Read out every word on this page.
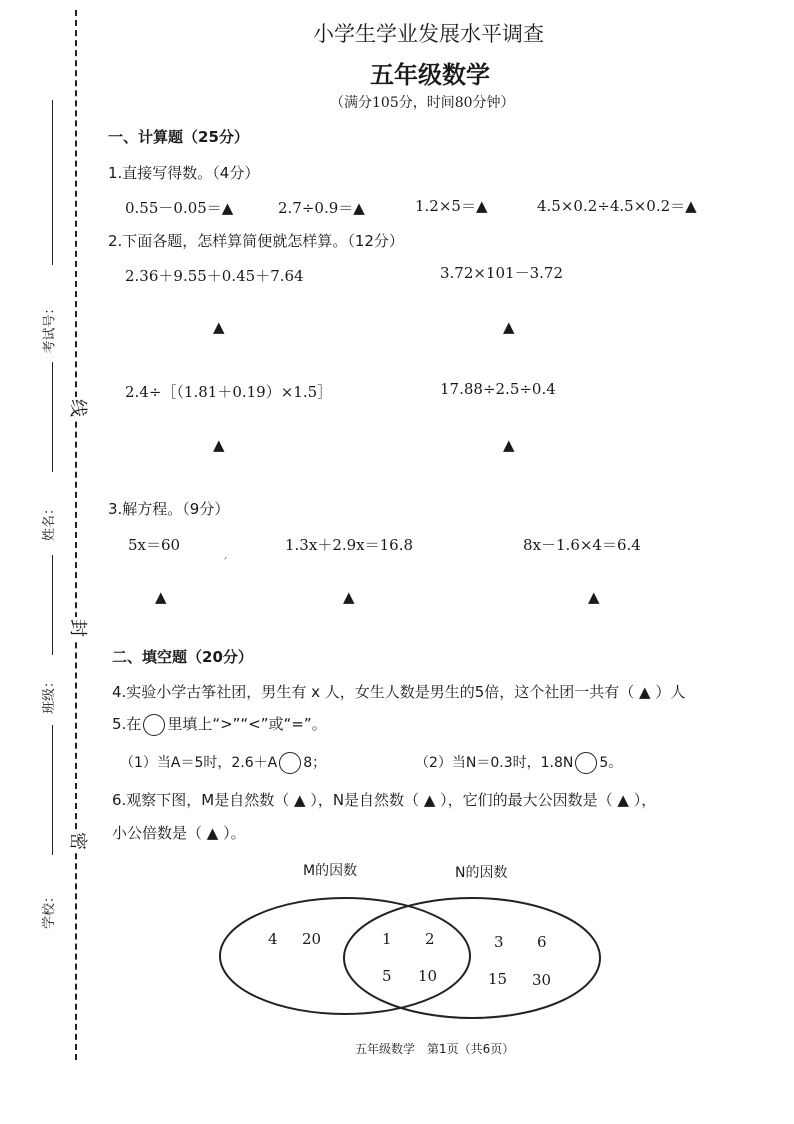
考试号：
姓名：
班级：
学校：
线
封
密
小学生学业发展水平调查
五年级数学
（满分105分，时间80分钟）
一、计算题（25分）
1.直接写得数。（4分）
0.55－0.05＝▲	2.7÷0.9＝▲	1.2×5＝▲	4.5×0.2÷4.5×0.2＝▲
2.下面各题，怎样算简便就怎样算。（12分）
2.36＋9.55＋0.45＋7.64	3.72×101－3.72
▲	▲
2.4÷［（1.81＋0.19）×1.5］	17.88÷2.5÷0.4
▲	▲
3.解方程。（9分）
5x＝60	1.3x＋2.9x＝16.8	8x－1.6×4＝6.4
ˊ
▲	▲	▲
二、填空题（20分）
4.实验小学古筝社团，男生有 x 人，女生人数是男生的5倍，这个社团一共有（ ▲ ）人
5.在 里填上“>”“<”或“=”。
（1）当A＝5时，2.6＋A 8；	（2）当N＝0.3时，1.8N 5。
6.观察下图，M是自然数（ ▲ ），N是自然数（ ▲ ），它们的最大公因数是（ ▲ ），
小公倍数是（ ▲ ）。
M的因数	N的因数
4 20	1 2
5 10
3 6
15 30
五年级数学　第1页（共6页）
